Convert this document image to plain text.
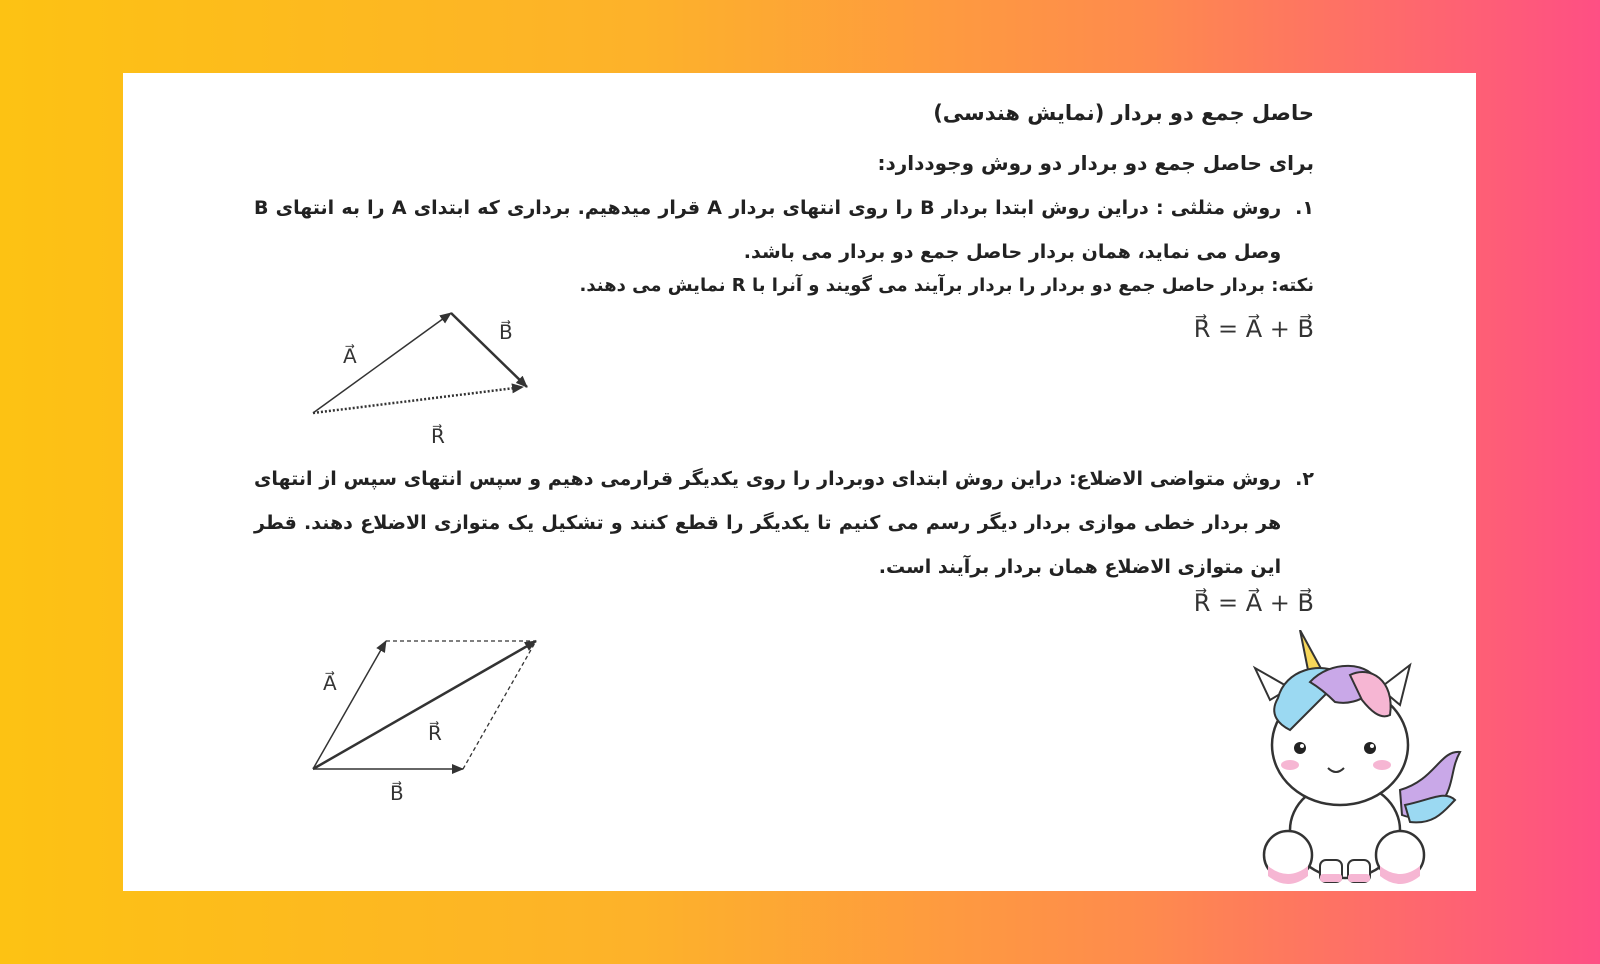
حاصل جمع دو بردار (نمایش هندسی)
برای حاصل جمع دو بردار دو روش وجوددارد:
۱.
روش مثلثی : دراین روش ابتدا بردار B را روی انتهای بردار A قرار میدهیم. برداری که ابتدای A را به انتهای B وصل می نماید، همان بردار حاصل جمع دو بردار می باشد.
نکته: بردار حاصل جمع دو بردار را بردار برآیند می گویند و آنرا با R نمایش می دهند.
R⃗ = A⃗ + B⃗
A⃗
B⃗
R⃗
۲.
روش متواضی الاضلاع: دراین روش ابتدای دوبردار را روی یکدیگر قرارمی دهیم و سپس انتهای سپس از انتهای هر بردار خطی موازی بردار دیگر رسم می کنیم تا یکدیگر را قطع کنند و تشکیل یک متوازی الاضلاع دهند. قطر این متوازی الاضلاع همان بردار برآیند است.
R⃗ = A⃗ + B⃗
A⃗
R⃗
B⃗
